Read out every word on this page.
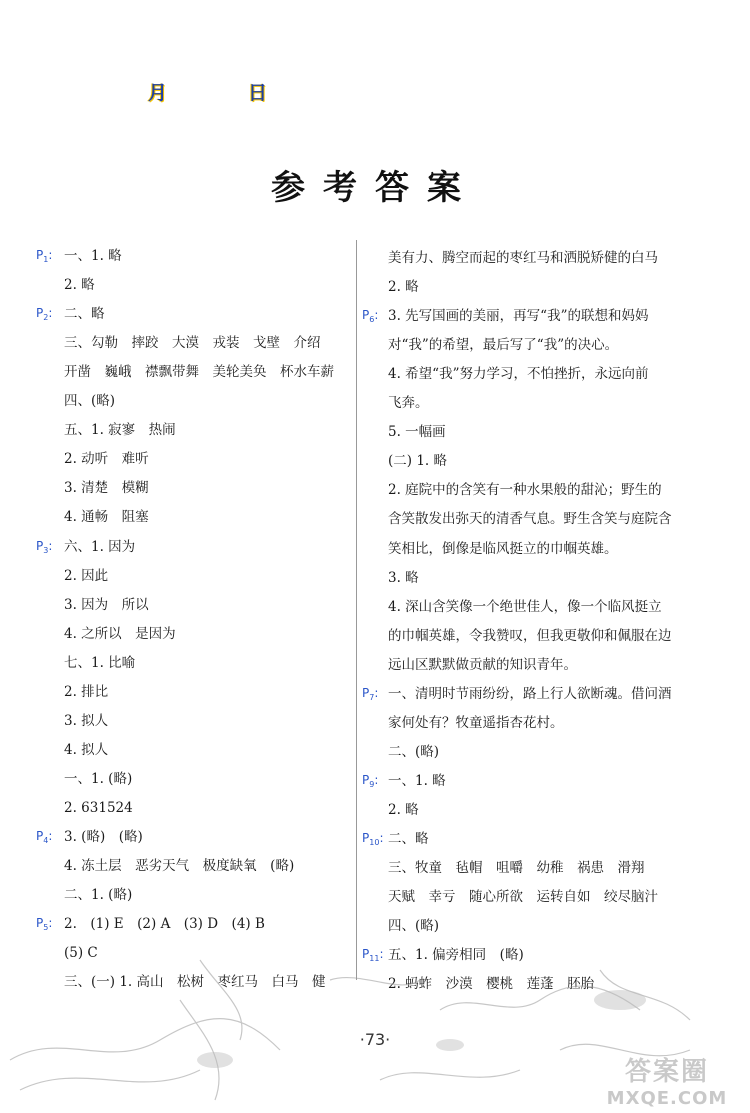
月	日
参考答案
$P_1$: 一、1. 略
2. 略
$P_2$: 二、略
三、勾勒　摔跤　大漠　戎装　戈壁　介绍
开凿　巍峨　襟飘带舞　美轮美奂　杯水车薪
四、(略)
五、1. 寂寥　热闹
2. 动听　难听
3. 清楚　模糊
4. 通畅　阻塞
$P_3$: 六、1. 因为
2. 因此
3. 因为　所以
4. 之所以　是因为
七、1. 比喻
2. 排比
3. 拟人
4. 拟人
一、1. (略)
2. 631524
$P_4$: 3. (略)　(略)
4. 冻土层　恶劣天气　极度缺氧　(略)
二、1. (略)
$P_5$: 2.　(1) E　(2) A　(3) D　(4) B
(5) C
三、(一) 1. 高山　松树　枣红马　白马　健
美有力、腾空而起的枣红马和洒脱矫健的白马
2. 略
$P_6$: 3. 先写国画的美丽，再写“我”的联想和妈妈
对“我”的希望，最后写了“我”的决心。
4. 希望“我”努力学习，不怕挫折，永远向前
飞奔。
5. 一幅画
(二) 1. 略
2. 庭院中的含笑有一种水果般的甜沁；野生的
含笑散发出弥天的清香气息。野生含笑与庭院含
笑相比，倒像是临风挺立的巾帼英雄。
3. 略
4. 深山含笑像一个绝世佳人，像一个临风挺立
的巾帼英雄，令我赞叹，但我更敬仰和佩服在边
远山区默默做贡献的知识青年。
$P_7$: 一、清明时节雨纷纷，路上行人欲断魂。借问酒
家何处有？牧童遥指杏花村。
二、(略)
$P_9$: 一、1. 略
2. 略
$P_{10}$: 二、略
三、牧童　毡帽　咀嚼　幼稚　祸患　滑翔
天赋　幸亏　随心所欲　运转自如　绞尽脑汁
四、(略)
$P_{11}$: 五、1. 偏旁相同　(略)
2. 蚂蚱　沙漠　樱桃　莲蓬　胚胎
·73·
答案圈
MXQE.COM
